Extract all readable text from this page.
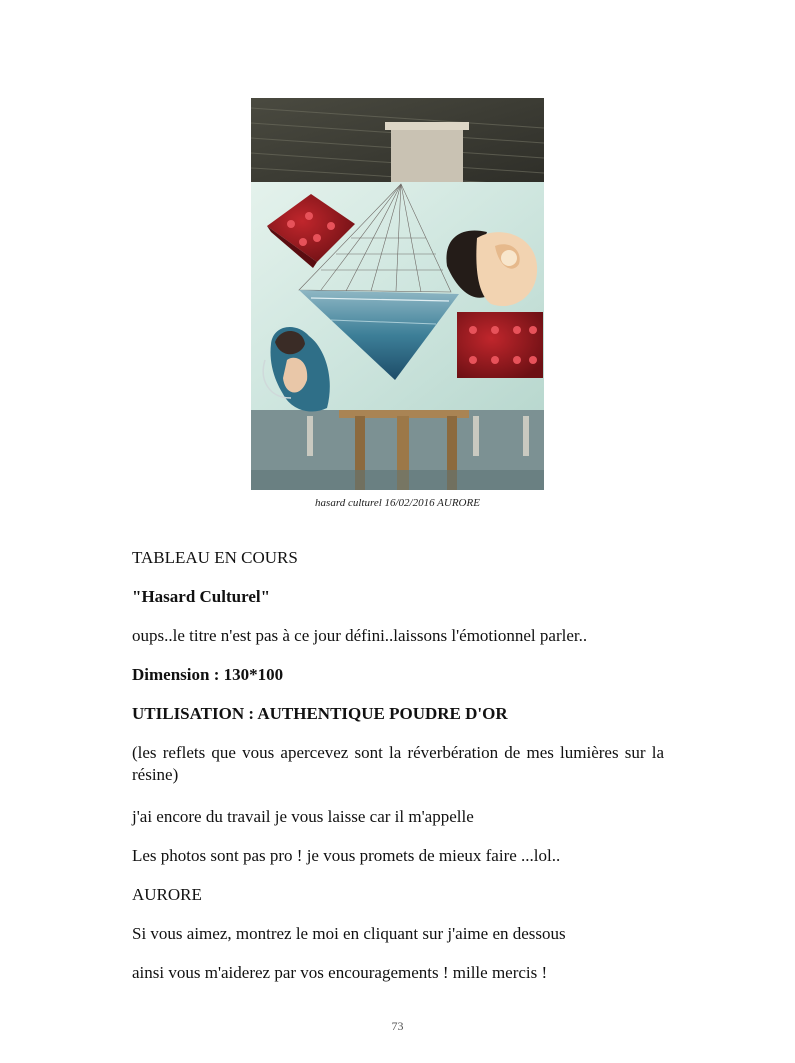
hasard culturel 16/02/2016 AURORE

TABLEAU EN COURS

"Hasard Culturel"

oups..le titre n'est pas à ce jour défini..laissons l'émotionnel parler..

Dimension : 130*100

UTILISATION : AUTHENTIQUE POUDRE D'OR

(les reflets que vous apercevez sont la réverbération de mes lumières sur la résine)

j'ai encore du travail je vous laisse car il m'appelle

Les photos sont pas pro ! je vous promets de mieux faire ...lol..

AURORE

Si vous aimez, montrez le moi en cliquant sur j'aime en dessous

ainsi vous m'aiderez par vos encouragements ! mille mercis !

73
